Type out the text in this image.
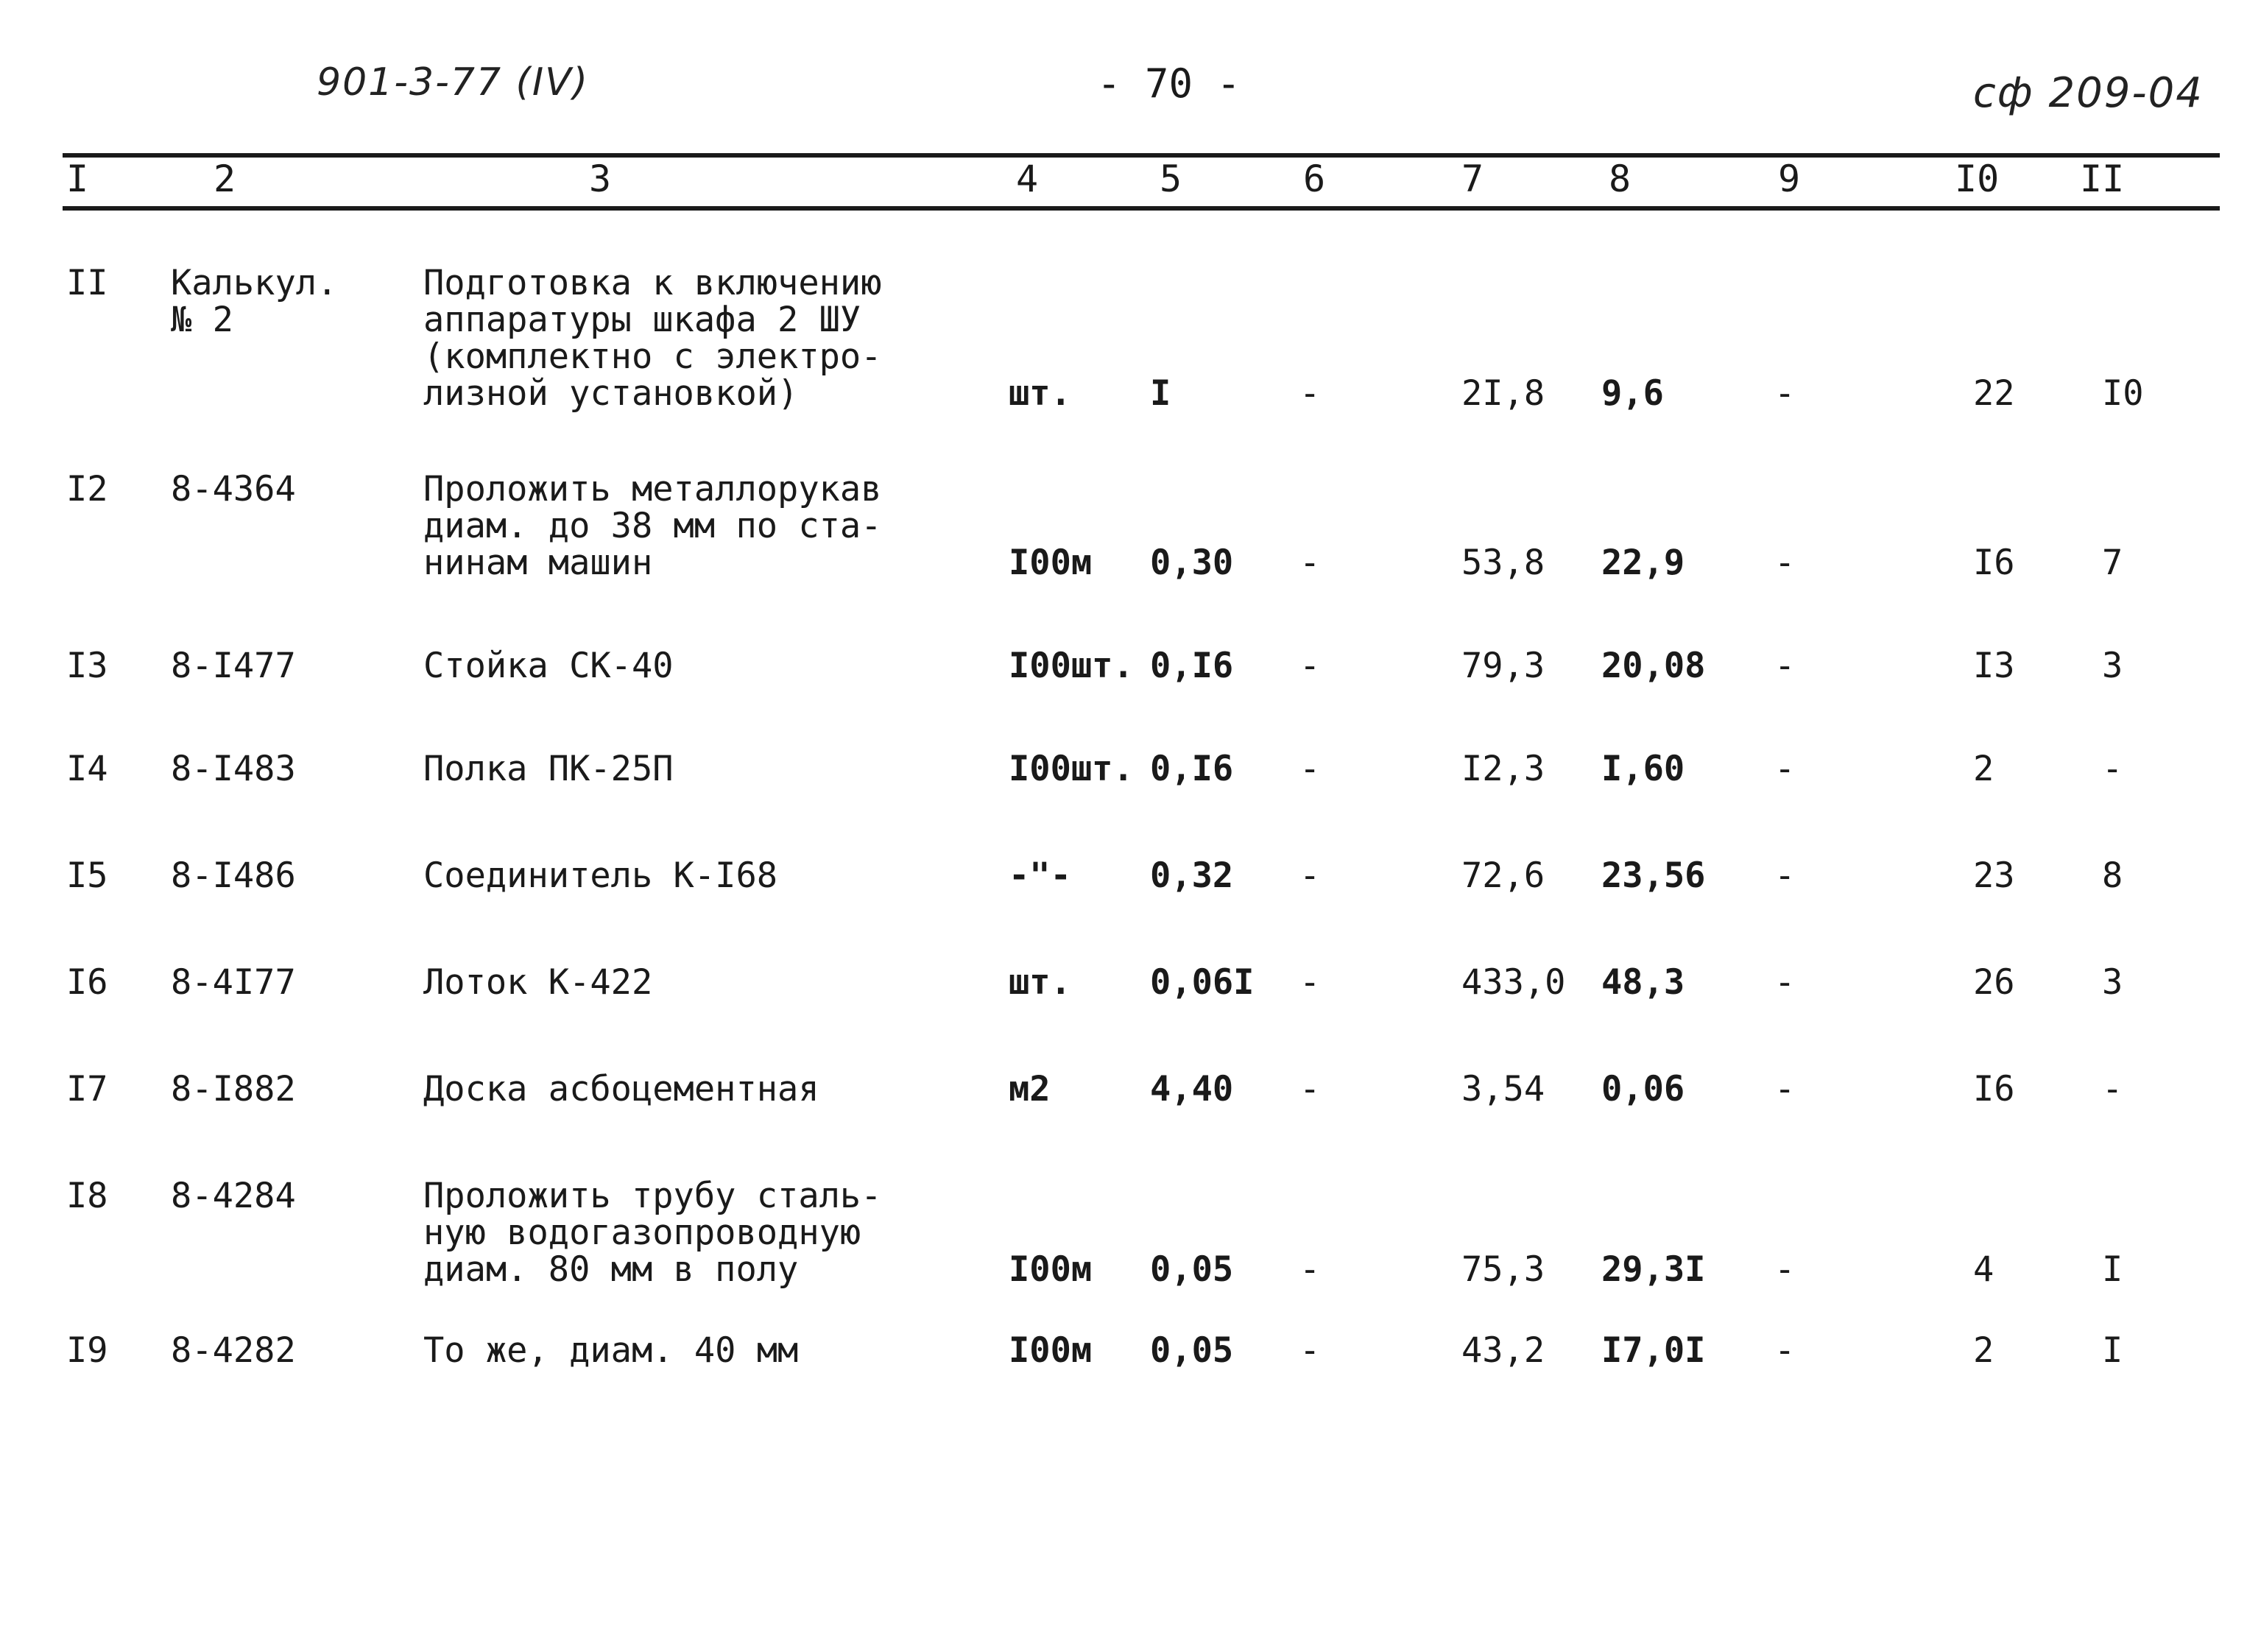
901-3-77 (IV)	- 70 -	сф 209-04
I	2	3	4	5	6	7	8	9	I0 II
II Калькул.
№ 2
Подготовка к включению
аппаратуры шкафа 2 ШУ
(комплектно с электро-
лизной установкой)	шт. I	-	2I,8 9,6	-	22	I0
I2 8-4364	Проложить металлорукав
диам. до 38 мм по ста-
нинам машин	I00м 0,30 -	53,8 22,9	-	I6	7
I3 8-I477	Стойка СК-40	I00шт. 0,I6 -	79,3 20,08 -	I3	3
I4 8-I483	Полка ПК-25П	I00шт. 0,I6 -	I2,3 I,60	-	2	-
I5 8-I486	Соединитель К-I68	-"- 0,32 -	72,6 23,56 -	23	8
I6 8-4I77	Лоток К-422	шт. 0,06I -	433,0 48,3	-	26	3
I7 8-I882	Доска асбоцементная	м2	4,40 -	3,54 0,06	-	I6	-
I8 8-4284	Проложить трубу сталь-
ную водогазопроводную
диам. 80 мм в полу	I00м 0,05 -	75,3 29,3I -	4	I
I9 8-4282	То же, диам. 40 мм	I00м 0,05 -	43,2 I7,0I -	2	I
